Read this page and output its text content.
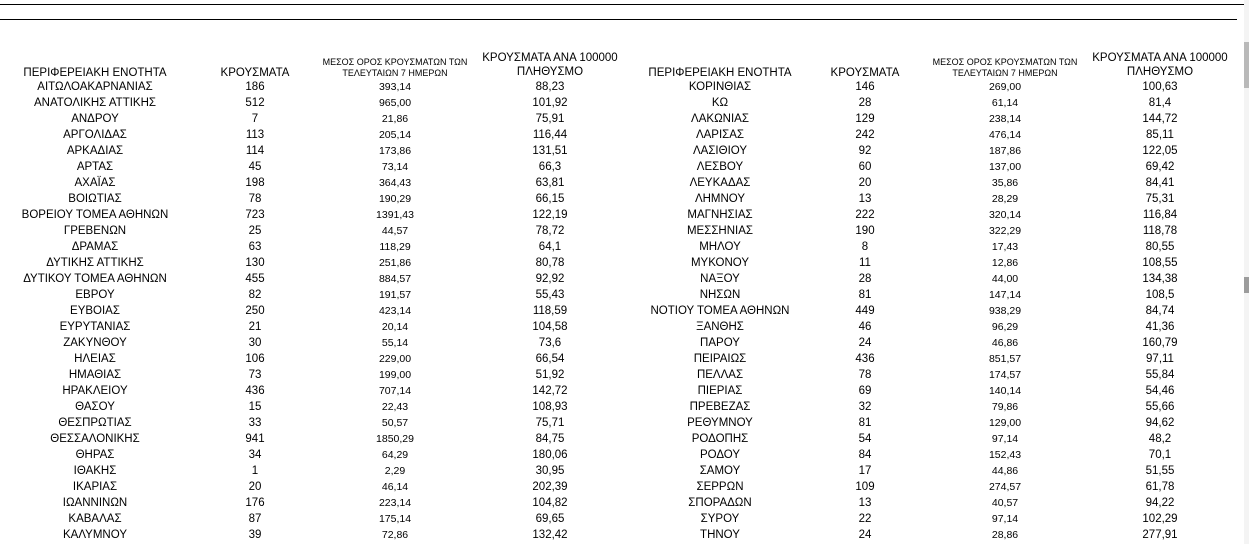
ΠΕΡΙΦΕΡΕΙΑΚΗ ΕΝΟΤΗΤΑ	ΚΡΟΥΣΜΑΤΑ	ΜΕΣΟΣ ΟΡΟΣ ΚΡΟΥΣΜΑΤΩΝ ΤΩΝ ΤΕΛΕΥΤΑΙΩΝ 7 ΗΜΕΡΩΝ	ΚΡΟΥΣΜΑΤΑ ΑΝΑ 100000 ΠΛΗΘΥΣΜΟ		ΠΕΡΙΦΕΡΕΙΑΚΗ ΕΝΟΤΗΤΑ	ΚΡΟΥΣΜΑΤΑ	ΜΕΣΟΣ ΟΡΟΣ ΚΡΟΥΣΜΑΤΩΝ ΤΩΝ ΤΕΛΕΥΤΑΙΩΝ 7 ΗΜΕΡΩΝ	ΚΡΟΥΣΜΑΤΑ ΑΝΑ 100000 ΠΛΗΘΥΣΜΟ
ΑΙΤΩΛΟΑΚΑΡΝΑΝΙΑΣ	186	393,14	88,23		ΚΟΡΙΝΘΙΑΣ	146	269,00	100,63
ΑΝΑΤΟΛΙΚΗΣ ΑΤΤΙΚΗΣ	512	965,00	101,92		ΚΩ	28	61,14	81,4
ΑΝΔΡΟΥ	7	21,86	75,91		ΛΑΚΩΝΙΑΣ	129	238,14	144,72
ΑΡΓΟΛΙΔΑΣ	113	205,14	116,44		ΛΑΡΙΣΑΣ	242	476,14	85,11
ΑΡΚΑΔΙΑΣ	114	173,86	131,51		ΛΑΣΙΘΙΟΥ	92	187,86	122,05
ΑΡΤΑΣ	45	73,14	66,3		ΛΕΣΒΟΥ	60	137,00	69,42
ΑΧΑΪΑΣ	198	364,43	63,81		ΛΕΥΚΑΔΑΣ	20	35,86	84,41
ΒΟΙΩΤΙΑΣ	78	190,29	66,15		ΛΗΜΝΟΥ	13	28,29	75,31
ΒΟΡΕΙΟΥ ΤΟΜΕΑ ΑΘΗΝΩΝ	723	1391,43	122,19		ΜΑΓΝΗΣΙΑΣ	222	320,14	116,84
ΓΡΕΒΕΝΩΝ	25	44,57	78,72		ΜΕΣΣΗΝΙΑΣ	190	322,29	118,78
ΔΡΑΜΑΣ	63	118,29	64,1		ΜΗΛΟΥ	8	17,43	80,55
ΔΥΤΙΚΗΣ ΑΤΤΙΚΗΣ	130	251,86	80,78		ΜΥΚΟΝΟΥ	11	12,86	108,55
ΔΥΤΙΚΟΥ ΤΟΜΕΑ ΑΘΗΝΩΝ	455	884,57	92,92		ΝΑΞΟΥ	28	44,00	134,38
ΕΒΡΟΥ	82	191,57	55,43		ΝΗΣΩΝ	81	147,14	108,5
ΕΥΒΟΙΑΣ	250	423,14	118,59		ΝΟΤΙΟΥ ΤΟΜΕΑ ΑΘΗΝΩΝ	449	938,29	84,74
ΕΥΡΥΤΑΝΙΑΣ	21	20,14	104,58		ΞΑΝΘΗΣ	46	96,29	41,36
ΖΑΚΥΝΘΟΥ	30	55,14	73,6		ΠΑΡΟΥ	24	46,86	160,79
ΗΛΕΙΑΣ	106	229,00	66,54		ΠΕΙΡΑΙΩΣ	436	851,57	97,11
ΗΜΑΘΙΑΣ	73	199,00	51,92		ΠΕΛΛΑΣ	78	174,57	55,84
ΗΡΑΚΛΕΙΟΥ	436	707,14	142,72		ΠΙΕΡΙΑΣ	69	140,14	54,46
ΘΑΣΟΥ	15	22,43	108,93		ΠΡΕΒΕΖΑΣ	32	79,86	55,66
ΘΕΣΠΡΩΤΙΑΣ	33	50,57	75,71		ΡΕΘΥΜΝΟΥ	81	129,00	94,62
ΘΕΣΣΑΛΟΝΙΚΗΣ	941	1850,29	84,75		ΡΟΔΟΠΗΣ	54	97,14	48,2
ΘΗΡΑΣ	34	64,29	180,06		ΡΟΔΟΥ	84	152,43	70,1
ΙΘΑΚΗΣ	1	2,29	30,95		ΣΑΜΟΥ	17	44,86	51,55
ΙΚΑΡΙΑΣ	20	46,14	202,39		ΣΕΡΡΩΝ	109	274,57	61,78
ΙΩΑΝΝΙΝΩΝ	176	223,14	104,82		ΣΠΟΡΑΔΩΝ	13	40,57	94,22
ΚΑΒΑΛΑΣ	87	175,14	69,65		ΣΥΡΟΥ	22	97,14	102,29
ΚΑΛΥΜΝΟΥ	39	72,86	132,42		ΤΗΝΟΥ	24	28,86	277,91
